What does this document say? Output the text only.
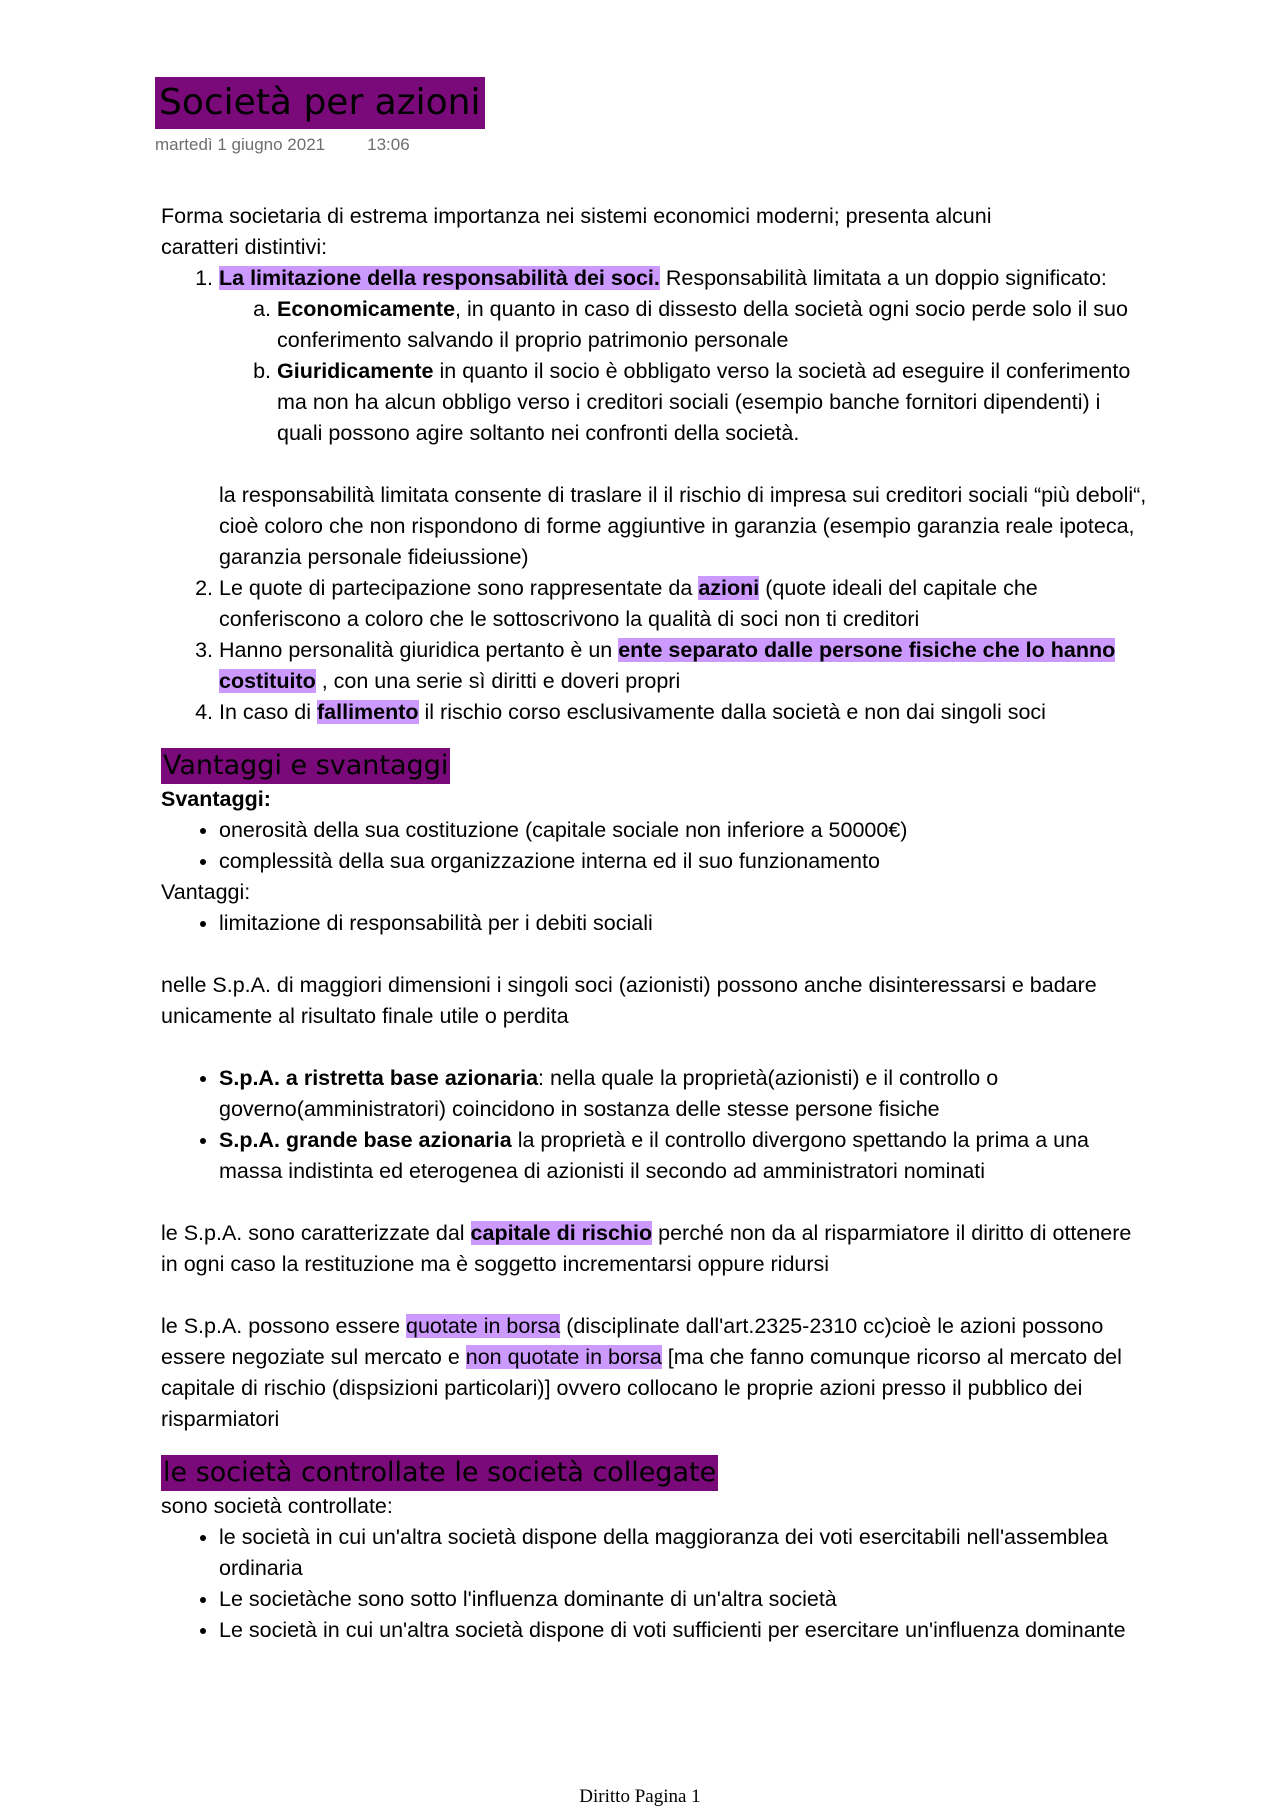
Società per azioni
martedì 1 giugno 2021 13:06

Forma societaria di estrema importanza nei sistemi economici moderni; presenta alcuni

caratteri distintivi:

1. La limitazione della responsabilità dei soci. Responsabilità limitata a un doppio significato:
a. Economicamente, in quanto in caso di dissesto della società ogni socio perde solo il suo conferimento salvando il proprio patrimonio personale
b. Giuridicamente in quanto il socio è obbligato verso la società ad eseguire il conferimento ma non ha alcun obbligo verso i creditori sociali (esempio banche fornitori dipendenti) i quali possono agire soltanto nei confronti della società.

la responsabilità limitata consente di traslare il il rischio di impresa sui creditori sociali “più deboli“, cioè coloro che non rispondono di forme aggiuntive in garanzia (esempio garanzia reale ipoteca, garanzia personale fideiussione)

2. Le quote di partecipazione sono rappresentate da azioni (quote ideali del capitale che conferiscono a coloro che le sottoscrivono la qualità di soci non ti creditori
3. Hanno personalità giuridica pertanto è un ente separato dalle persone fisiche che lo hanno costituito , con una serie sì diritti e doveri propri
4. In caso di fallimento il rischio corso esclusivamente dalla società e non dai singoli soci
Vantaggi e svantaggi

Svantaggi:

• onerosità della sua costituzione (capitale sociale non inferiore a 50000€)
• complessità della sua organizzazione interna ed il suo funzionamento

Vantaggi:

• limitazione di responsabilità per i debiti sociali

nelle S.p.A. di maggiori dimensioni i singoli soci (azionisti) possono anche disinteressarsi e badare unicamente al risultato finale utile o perdita

• S.p.A. a ristretta base azionaria: nella quale la proprietà(azionisti) e il controllo o governo(amministratori) coincidono in sostanza delle stesse persone fisiche
• S.p.A. grande base azionaria la proprietà e il controllo divergono spettando la prima a una massa indistinta ed eterogenea di azionisti il secondo ad amministratori nominati

le S.p.A. sono caratterizzate dal capitale di rischio perché non da al risparmiatore il diritto di ottenere in ogni caso la restituzione ma è soggetto incrementarsi oppure ridursi

le S.p.A. possono essere quotate in borsa (disciplinate dall'art.2325-2310 cc)cioè le azioni possono essere negoziate sul mercato e non quotate in borsa [ma che fanno comunque ricorso al mercato del capitale di rischio (dispsizioni particolari)] ovvero collocano le proprie azioni presso il pubblico dei risparmiatori

le società controllate le società collegate

sono società controllate:

• le società in cui un'altra società dispone della maggioranza dei voti esercitabili nell'assemblea ordinaria
• Le societàche sono sotto l'influenza dominante di un'altra società
• Le società in cui un'altra società dispone di voti sufficienti per esercitare un'influenza dominante
Diritto Pagina 1
